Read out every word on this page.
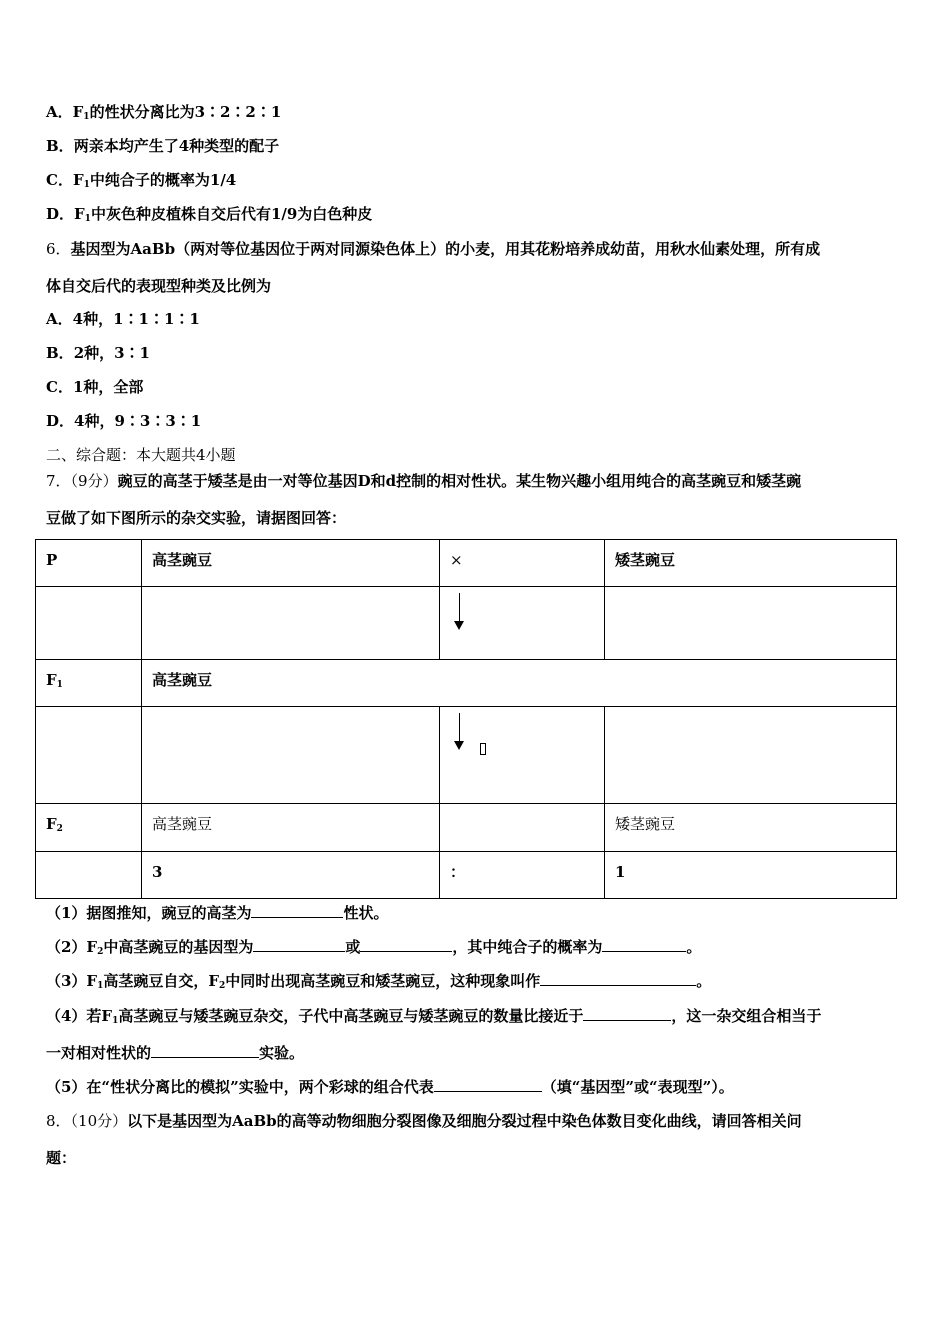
A．$F_1$的性状分离比为3∶2∶2∶1
B．两亲本均产生了4种类型的配子
C．$F_1$中纯合子的概率为1/4
D．$F_1$中灰色种皮植株自交后代有1/9为白色种皮
6．基因型为AaBb（两对等位基因位于两对同源染色体上）的小麦，用其花粉培养成幼苗，用秋水仙素处理，所有成
体自交后代的表现型种类及比例为
A．4种，1∶1∶1∶1
B．2种，3∶1
C．1种，全部
D．4种，9∶3∶3∶1
二、综合题：本大题共4小题
7．（9分）豌豆的高茎于矮茎是由一对等位基因D和d控制的相对性状。某生物兴趣小组用纯合的高茎豌豆和矮茎豌
豆做了如下图所示的杂交实验，请据图回答：
P	高茎豌豆	×	矮茎豌豆

$F_1$	高茎豌豆		

$F_2$	高茎豌豆		矮茎豌豆
	3	：	1
（1）据图推知，豌豆的高茎为	性状。
$(2)F_2$中高茎豌豆的基因型为	或	，其中纯合子的概率为	。
$(3)F_1$高茎豌豆自交，$F_2$中同时出现高茎豌豆和矮茎豌豆，这种现象叫作	。
（4）若$F_1$高茎豌豆与矮茎豌豆杂交，子代中高茎豌豆与矮茎豌豆的数量比接近于	，这一杂交组合相当于
一对相对性状的	实验。
（5）在“性状分离比的模拟”实验中，两个彩球的组合代表	（填“基因型”或“表现型”）。
8．（10分）以下是基因型为AaBb的高等动物细胞分裂图像及细胞分裂过程中染色体数目变化曲线，请回答相关问
题：
